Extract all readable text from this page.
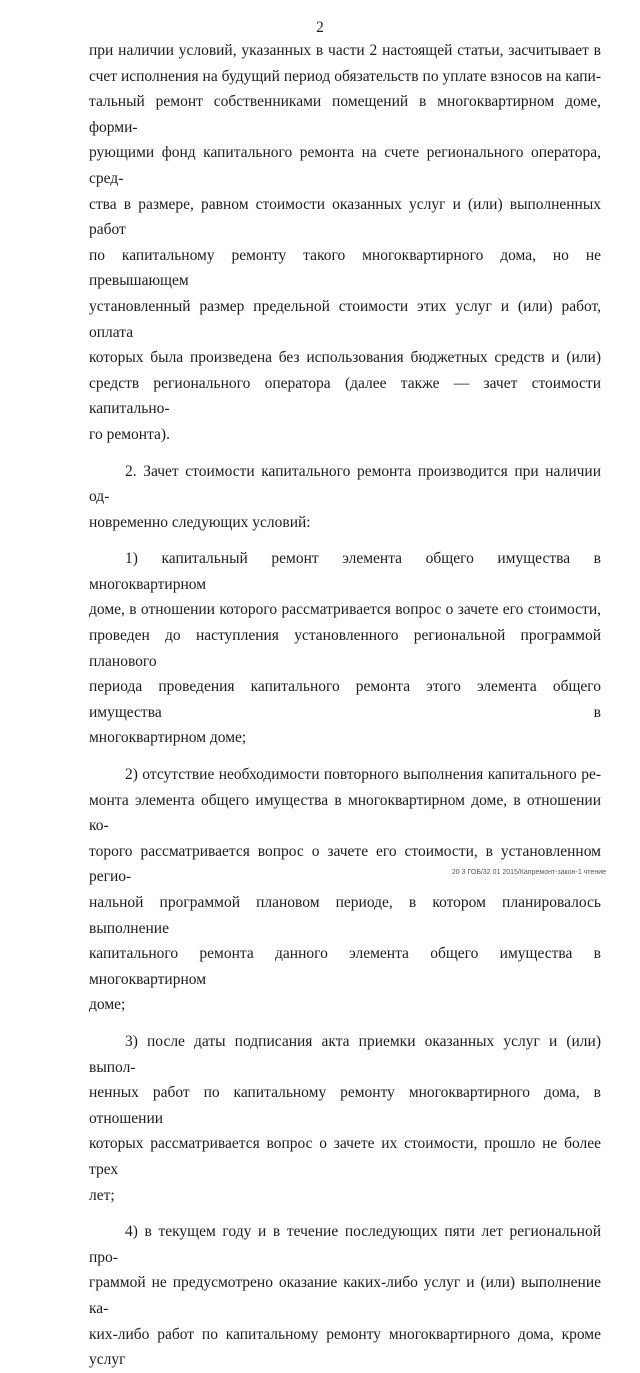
2

при наличии условий, указанных в части 2 настоящей статьи, засчитывает в

счет исполнения на будущий период обязательств по уплате взносов на капи-

тальный ремонт собственниками помещений в многоквартирном доме, форми-

рующими фонд капитального ремонта на счете регионального оператора, сред-

ства в размере, равном стоимости оказанных услуг и (или) выполненных работ

по капитальному ремонту такого многоквартирного дома, но не превышающем

установленный размер предельной стоимости этих услуг и (или) работ, оплата

которых была произведена без использования бюджетных средств и (или)

средств регионального оператора (далее также — зачет стоимости капитально-

го ремонта).

2. Зачет стоимости капитального ремонта производится при наличии од-

новременно следующих условий:

1) капитальный ремонт элемента общего имущества в многоквартирном

доме, в отношении которого рассматривается вопрос о зачете его стоимости,

проведен до наступления установленного региональной программой планового

периода проведения капитального ремонта этого элемента общего имущества в

многоквартирном доме;

2) отсутствие необходимости повторного выполнения капитального ре-

монта элемента общего имущества в многоквартирном доме, в отношении ко-

торого рассматривается вопрос о зачете его стоимости, в установленном регио-

нальной программой плановом периоде, в котором планировалось выполнение

капитального ремонта данного элемента общего имущества в многоквартирном

доме;

3) после даты подписания акта приемки оказанных услуг и (или) выпол-

ненных работ по капитальному ремонту многоквартирного дома, в отношении

которых рассматривается вопрос о зачете их стоимости, прошло не более трех

лет;

4) в текущем году и в течение последующих пяти лет региональной про-

граммой не предусмотрено оказание каких-либо услуг и (или) выполнение ка-

ких-либо работ по капитальному ремонту многоквартирного дома, кроме услуг

20 3 ГОБ/32 01 2015/Капремонт-закон-1 чтение
